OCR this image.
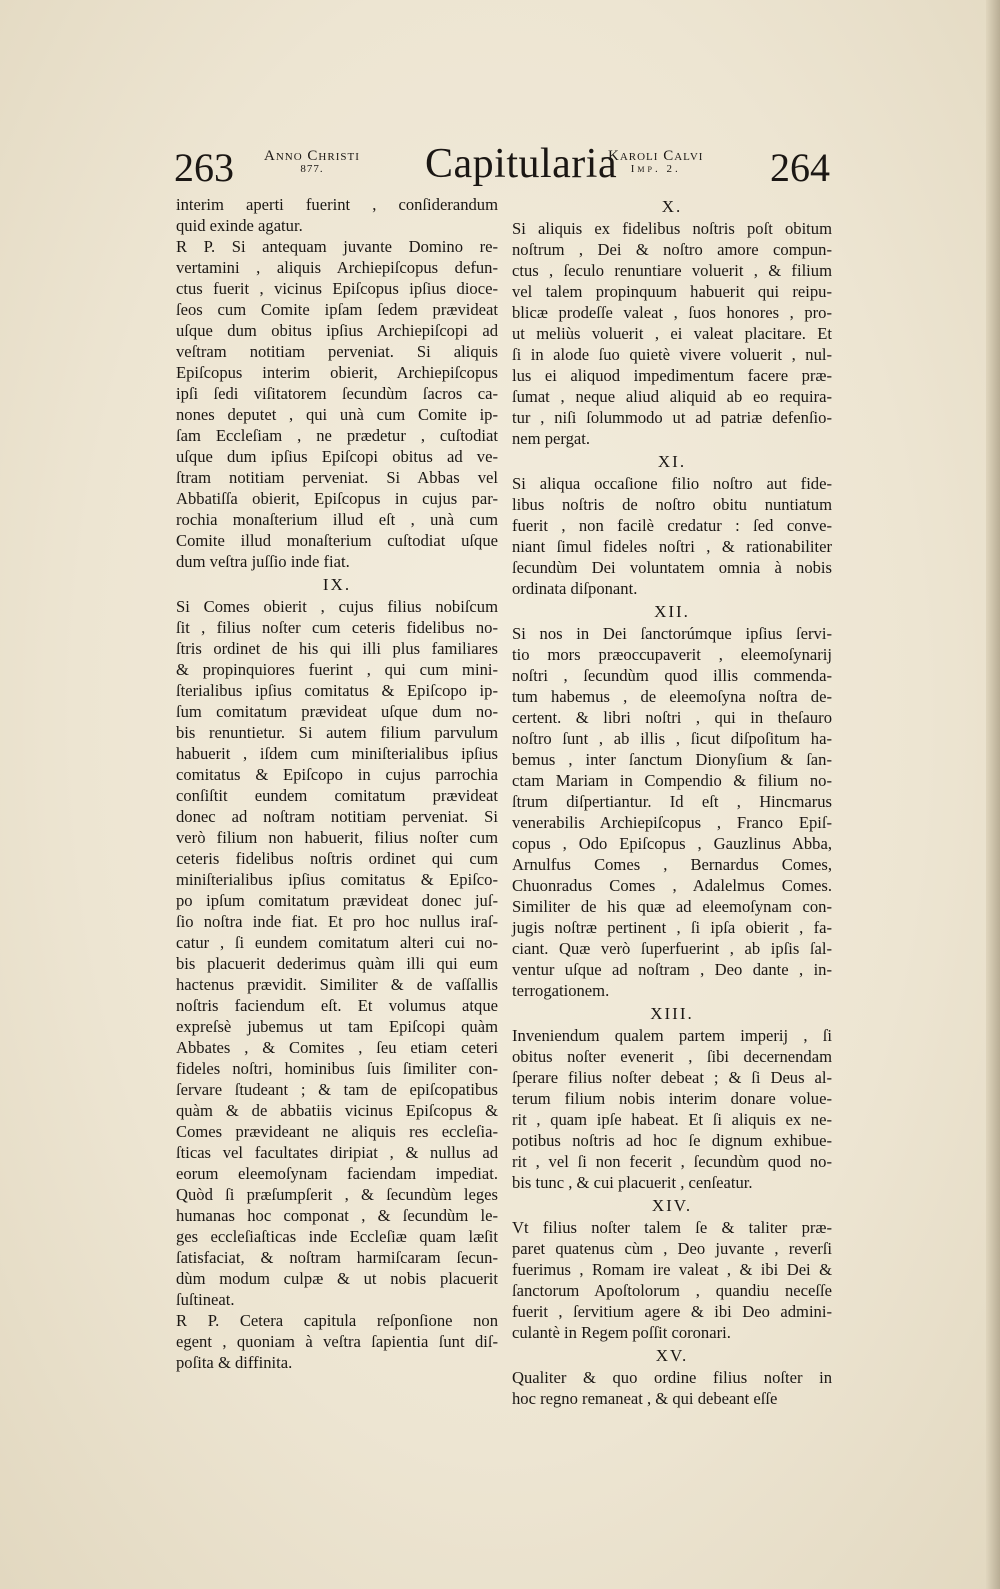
263 Anno Christi
877.	Capitularia
Karoli Calvi
Imp. 2.	264
interim aperti fuerint , conſiderandum
quid exinde agatur.
R P. Si antequam juvante Domino re-
vertamini , aliquis Archiepiſcopus defun-
ctus fuerit , vicinus Epiſcopus ipſius dioce-
ſeos cum Comite ipſam ſedem prævideat
uſque dum obitus ipſius Archiepiſcopi ad
veſtram notitiam perveniat. Si aliquis
Epiſcopus interim obierit, Archiepiſcopus
ipſi ſedi viſitatorem ſecundùm ſacros ca-
nones deputet , qui unà cum Comite ip-
ſam Eccleſiam , ne prædetur , cuſtodiat
uſque dum ipſius Epiſcopi obitus ad ve-
ſtram notitiam perveniat. Si Abbas vel
Abbatiſſa obierit, Epiſcopus in cujus par-
rochia monaſterium illud eſt , unà cum
Comite illud monaſterium cuſtodiat uſque
dum veſtra juſſio inde fiat.
IX.
Si Comes obierit , cujus filius nobiſcum
ſit , filius noſter cum ceteris fidelibus no-
ſtris ordinet de his qui illi plus familiares
& propinquiores fuerint , qui cum mini-
ſterialibus ipſius comitatus & Epiſcopo ip-
ſum comitatum prævideat uſque dum no-
bis renuntietur. Si autem filium parvulum
habuerit , iſdem cum miniſterialibus ipſius
comitatus & Epiſcopo in cujus parrochia
conſiſtit eundem comitatum prævideat
donec ad noſtram notitiam perveniat. Si
verò filium non habuerit, filius noſter cum
ceteris fidelibus noſtris ordinet qui cum
miniſterialibus ipſius comitatus & Epiſco-
po ipſum comitatum prævideat donec juſ-
ſio noſtra inde fiat. Et pro hoc nullus iraſ-
catur , ſi eundem comitatum alteri cui no-
bis placuerit dederimus quàm illi qui eum
hactenus prævidit. Similiter & de vaſſallis
noſtris faciendum eſt. Et volumus atque
expreſsè jubemus ut tam Epiſcopi quàm
Abbates , & Comites , ſeu etiam ceteri
fideles noſtri, hominibus ſuis ſimiliter con-
ſervare ſtudeant ; & tam de epiſcopatibus
quàm & de abbatiis vicinus Epiſcopus &
Comes prævideant ne aliquis res eccleſia-
ſticas vel facultates diripiat , & nullus ad
eorum eleemoſynam faciendam impediat.
Quòd ſi præſumpſerit , & ſecundùm leges
humanas hoc componat , & ſecundùm le-
ges eccleſiaſticas inde Eccleſiæ quam læſit
ſatisfaciat, & noſtram harmiſcaram ſecun-
dùm modum culpæ & ut nobis placuerit
ſuſtineat.
R P. Cetera capitula reſponſione non
egent , quoniam à veſtra ſapientia ſunt diſ-
poſita & diffinita.
X.
Si aliquis ex fidelibus noſtris poſt obitum
noſtrum , Dei & noſtro amore compun-
ctus , ſeculo renuntiare voluerit , & filium
vel talem propinquum habuerit qui reipu-
blicæ prodeſſe valeat , ſuos honores , pro-
ut meliùs voluerit , ei valeat placitare. Et
ſi in alode ſuo quietè vivere voluerit , nul-
lus ei aliquod impedimentum facere præ-
ſumat , neque aliud aliquid ab eo requira-
tur , niſi ſolummodo ut ad patriæ defenſio-
nem pergat.
XI.
Si aliqua occaſione filio noſtro aut fide-
libus noſtris de noſtro obitu nuntiatum
fuerit , non facilè credatur : ſed conve-
niant ſimul fideles noſtri , & rationabiliter
ſecundùm Dei voluntatem omnia à nobis
ordinata diſponant.
XII.
Si nos in Dei ſanctorúmque ipſius ſervi-
tio mors præoccupaverit , eleemoſynarij
noſtri , ſecundùm quod illis commenda-
tum habemus , de eleemoſyna noſtra de-
certent. & libri noſtri , qui in theſauro
noſtro ſunt , ab illis , ſicut diſpoſitum ha-
bemus , inter ſanctum Dionyſium & ſan-
ctam Mariam in Compendio & filium no-
ſtrum diſpertiantur. Id eſt , Hincmarus
venerabilis Archiepiſcopus , Franco Epiſ-
copus , Odo Epiſcopus , Gauzlinus Abba,
Arnulfus Comes , Bernardus Comes,
Chuonradus Comes , Adalelmus Comes.
Similiter de his quæ ad eleemoſynam con-
jugis noſtræ pertinent , ſi ipſa obierit , fa-
ciant. Quæ verò ſuperfuerint , ab ipſis ſal-
ventur uſque ad noſtram , Deo dante , in-
terrogationem.
XIII.
Inveniendum qualem partem imperij , ſi
obitus noſter evenerit , ſibi decernendam
ſperare filius noſter debeat ; & ſi Deus al-
terum filium nobis interim donare volue-
rit , quam ipſe habeat. Et ſi aliquis ex ne-
potibus noſtris ad hoc ſe dignum exhibue-
rit , vel ſi non fecerit , ſecundùm quod no-
bis tunc , & cui placuerit , cenſeatur.
XIV.
Vt filius noſter talem ſe & taliter præ-
paret quatenus cùm , Deo juvante , reverſi
fuerimus , Romam ire valeat , & ibi Dei &
ſanctorum Apoſtolorum , quandiu neceſſe
fuerit , ſervitium agere & ibi Deo admini-
culantè in Regem poſſit coronari.
XV.
Qualiter & quo ordine filius noſter in
hoc regno remaneat , & qui debeant eſſe
